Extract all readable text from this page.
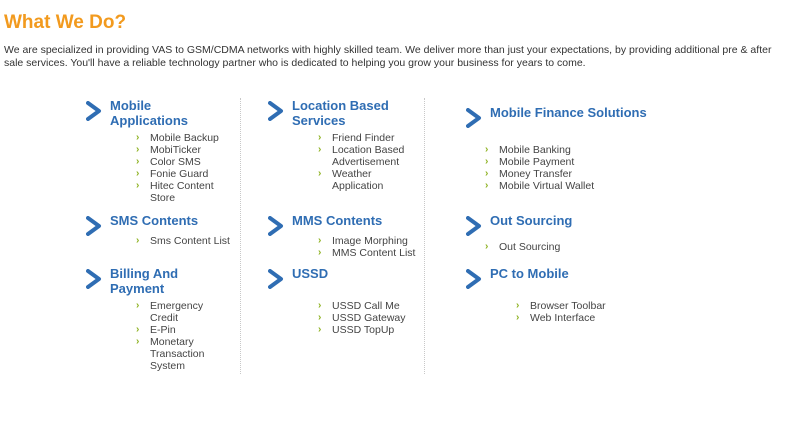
What We Do?

We are specialized in providing VAS to GSM/CDMA networks with highly skilled team. We deliver more than just your expectations, by providing additional pre & after sale services. You'll have a reliable technology partner who is dedicated to helping you grow your business for years to come.

Mobile Applications
› Mobile Backup
› MobiTicker
› Color SMS
› Fonie Guard
› Hitec Content Store
Location Based Services
› Friend Finder
› Location Based Advertisement
› Weather Application
Mobile Finance Solutions
› Mobile Banking
› Mobile Payment
› Money Transfer
› Mobile Virtual Wallet
SMS Contents
› Sms Content List
MMS Contents
› Image Morphing
› MMS Content List
Out Sourcing
› Out Sourcing
Billing And Payment
› Emergency Credit
› E-Pin
› Monetary Transaction System
USSD
› USSD Call Me
› USSD Gateway
› USSD TopUp
PC to Mobile
› Browser Toolbar
› Web Interface
